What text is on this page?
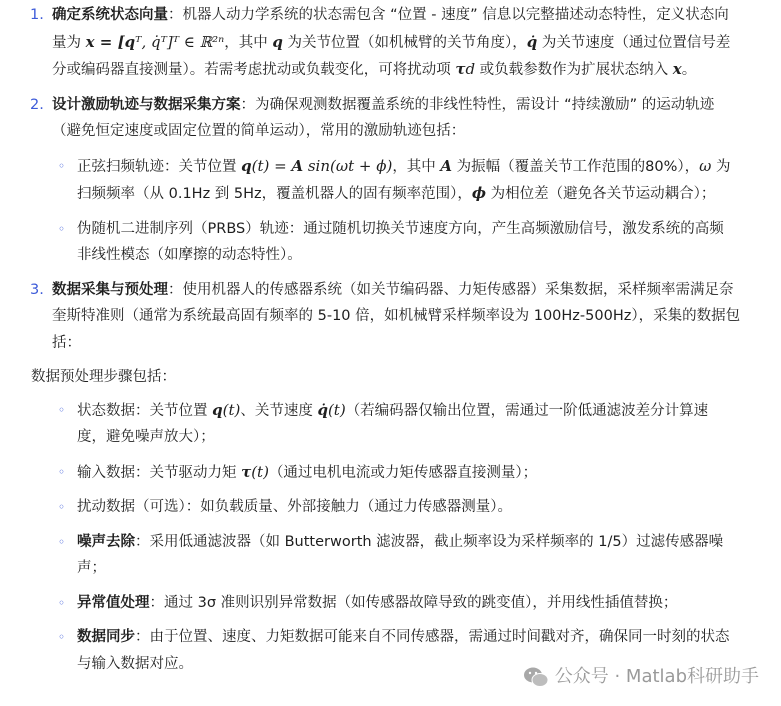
1. 确定系统状态向量：机器人动力学系统的状态需包含 “位置 - 速度” 信息以完整描述动态特性，定义状态向量为 x = [qᵀ, q̇ᵀ]ᵀ ∈ ℝ²ⁿ，其中 q 为关节位置（如机械臂的关节角度），q̇ 为关节速度（通过位置信号差分或编码器直接测量）。若需考虑扰动或负载变化，可将扰动项 τd 或负载参数作为扩展状态纳入 x。
2. 设计激励轨迹与数据采集方案：为确保观测数据覆盖系统的非线性特性，需设计 “持续激励” 的运动轨迹（避免恒定速度或固定位置的简单运动），常用的激励轨迹包括：
◦ 正弦扫频轨迹：关节位置 q(t) = A sin(ωt + ϕ)，其中 A 为振幅（覆盖关节工作范围的80%），ω 为扫频频率（从 0.1Hz 到 5Hz，覆盖机器人的固有频率范围），ϕ 为相位差（避免各关节运动耦合）；
◦ 伪随机二进制序列（PRBS）轨迹：通过随机切换关节速度方向，产生高频激励信号，激发系统的高频非线性模态（如摩擦的动态特性）。
3. 数据采集与预处理：使用机器人的传感器系统（如关节编码器、力矩传感器）采集数据，采样频率需满足奈奎斯特准则（通常为系统最高固有频率的 5-10 倍，如机械臂采样频率设为 100Hz-500Hz），采集的数据包括：
数据预处理步骤包括：
◦ 状态数据：关节位置 q(t)、关节速度 q̇(t)（若编码器仅输出位置，需通过一阶低通滤波差分计算速度，避免噪声放大）；
◦ 输入数据：关节驱动力矩 τ(t)（通过电机电流或力矩传感器直接测量）；
◦ 扰动数据（可选）：如负载质量、外部接触力（通过力传感器测量）。
◦ 噪声去除：采用低通滤波器（如 Butterworth 滤波器，截止频率设为采样频率的 1/5）过滤传感器噪声；
◦ 异常值处理：通过 3σ 准则识别异常数据（如传感器故障导致的跳变值），并用线性插值替换；
◦ 数据同步：由于位置、速度、力矩数据可能来自不同传感器，需通过时间戳对齐，确保同一时刻的状态与输入数据对应。
公众号 · Matlab科研助手
